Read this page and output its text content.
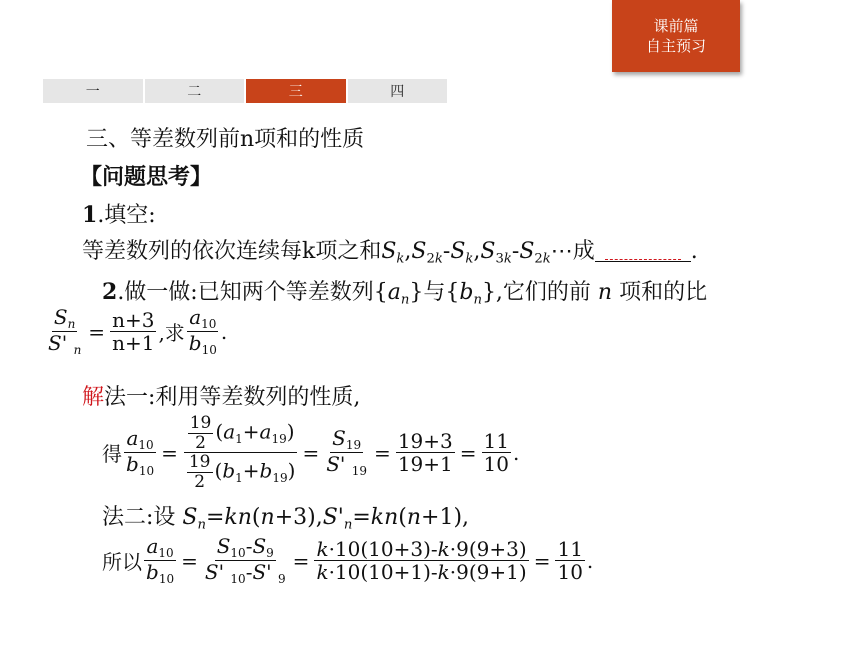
课前篇
自主预习
一	二	三	四
三、等差数列前n项和的性质
【问题思考】
1.填空:
等差数列的依次连续每k项之和$S_k,S_{2k}-S_k,S_{3k}-S_{2k}\cdots$成	.
2.做一做:已知两个等差数列$\{a_n\}$与$\{b_n\}$,它们的前 n 项和的比
$\frac{S_n}{S' _n} = \frac{n+3}{n+1}$ ,求 $\frac{a_{10}}{b_{10}}$ .
解法一:利用等差数列的性质,
得 $\frac{a_{10}}{b_{10}} = \frac{\frac{19}{2} (a_1+a_{19})}{\frac{19}{2} (b_1+b_{19})} = \frac{S_{19}}{S' _{19}} = \frac{19+3}{19+1} = \frac{11}{10}$ .
法二:设 $S_n=kn(n+3),S'_n=kn(n+1)$,
所以 $\frac{a_{10}}{b_{10}} = \frac{S_{10}-S_9}{S' _{10}-S' _9} = \frac{k\cdot 10(10+3)-k\cdot 9(9+3)}{k\cdot 10(10+1)-k\cdot 9(9+1)} = \frac{11}{10}$ .
